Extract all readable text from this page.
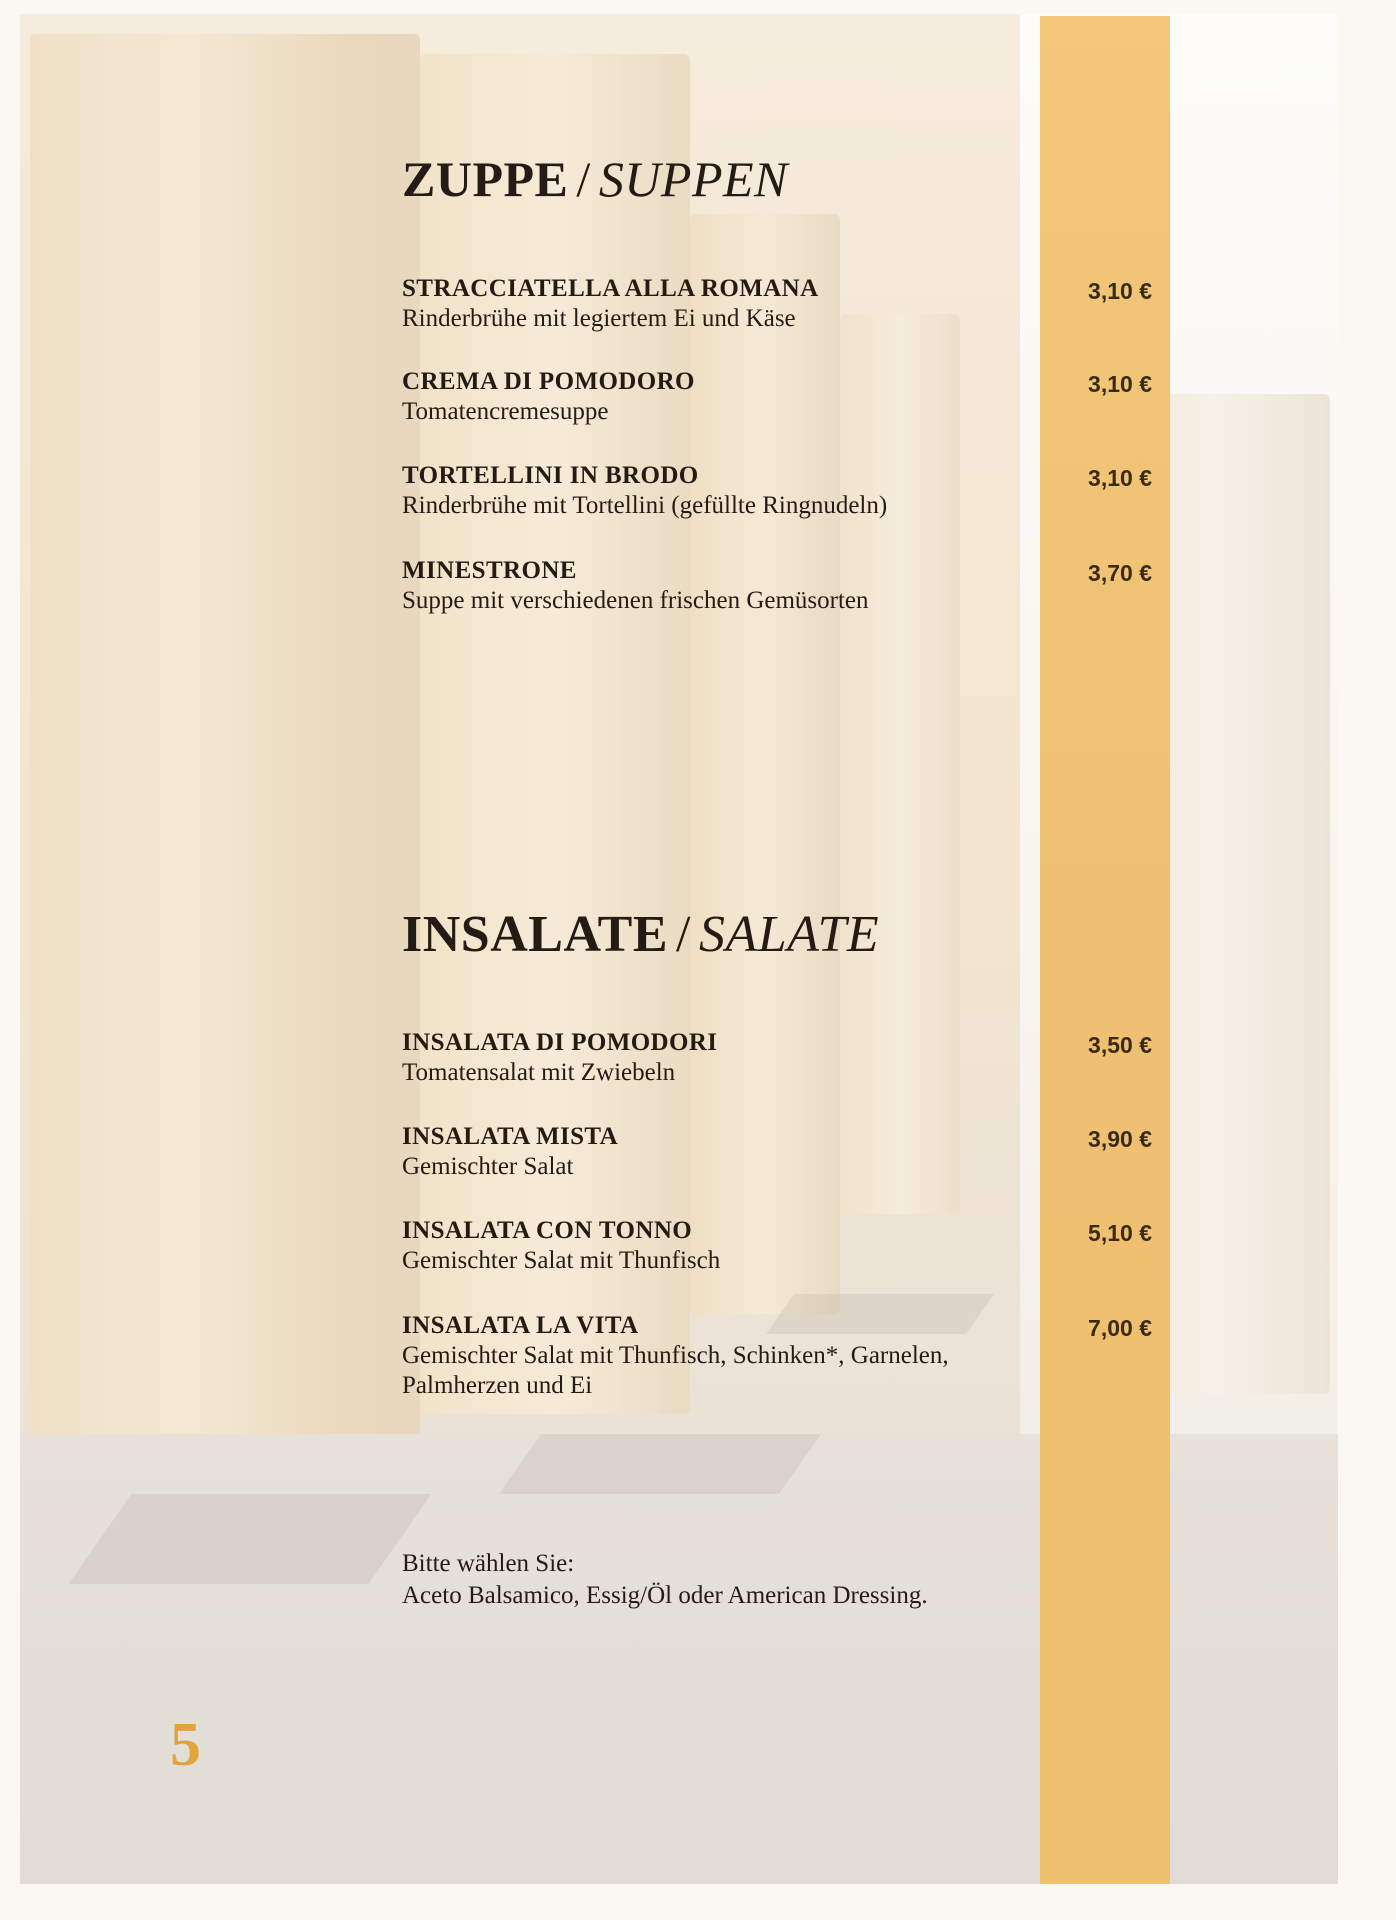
ZUPPE / SUPPEN
STRACCIATELLA ALLA ROMANA
Rinderbrühe mit legiertem Ei und Käse
3,10 €
CREMA DI POMODORO
Tomatencremesuppe
3,10 €
TORTELLINI IN BRODO
Rinderbrühe mit Tortellini (gefüllte Ringnudeln)
3,10 €
MINESTRONE
Suppe mit verschiedenen frischen Gemüsorten
3,70 €
INSALATE / SALATE
INSALATA DI POMODORI
Tomatensalat mit Zwiebeln
3,50 €
INSALATA MISTA
Gemischter Salat
3,90 €
INSALATA CON TONNO
Gemischter Salat mit Thunfisch
5,10 €
INSALATA LA VITA
Gemischter Salat mit Thunfisch, Schinken*, Garnelen,
Palmherzen und Ei
7,00 €
Bitte wählen Sie:
Aceto Balsamico, Essig/Öl oder American Dressing.
5
